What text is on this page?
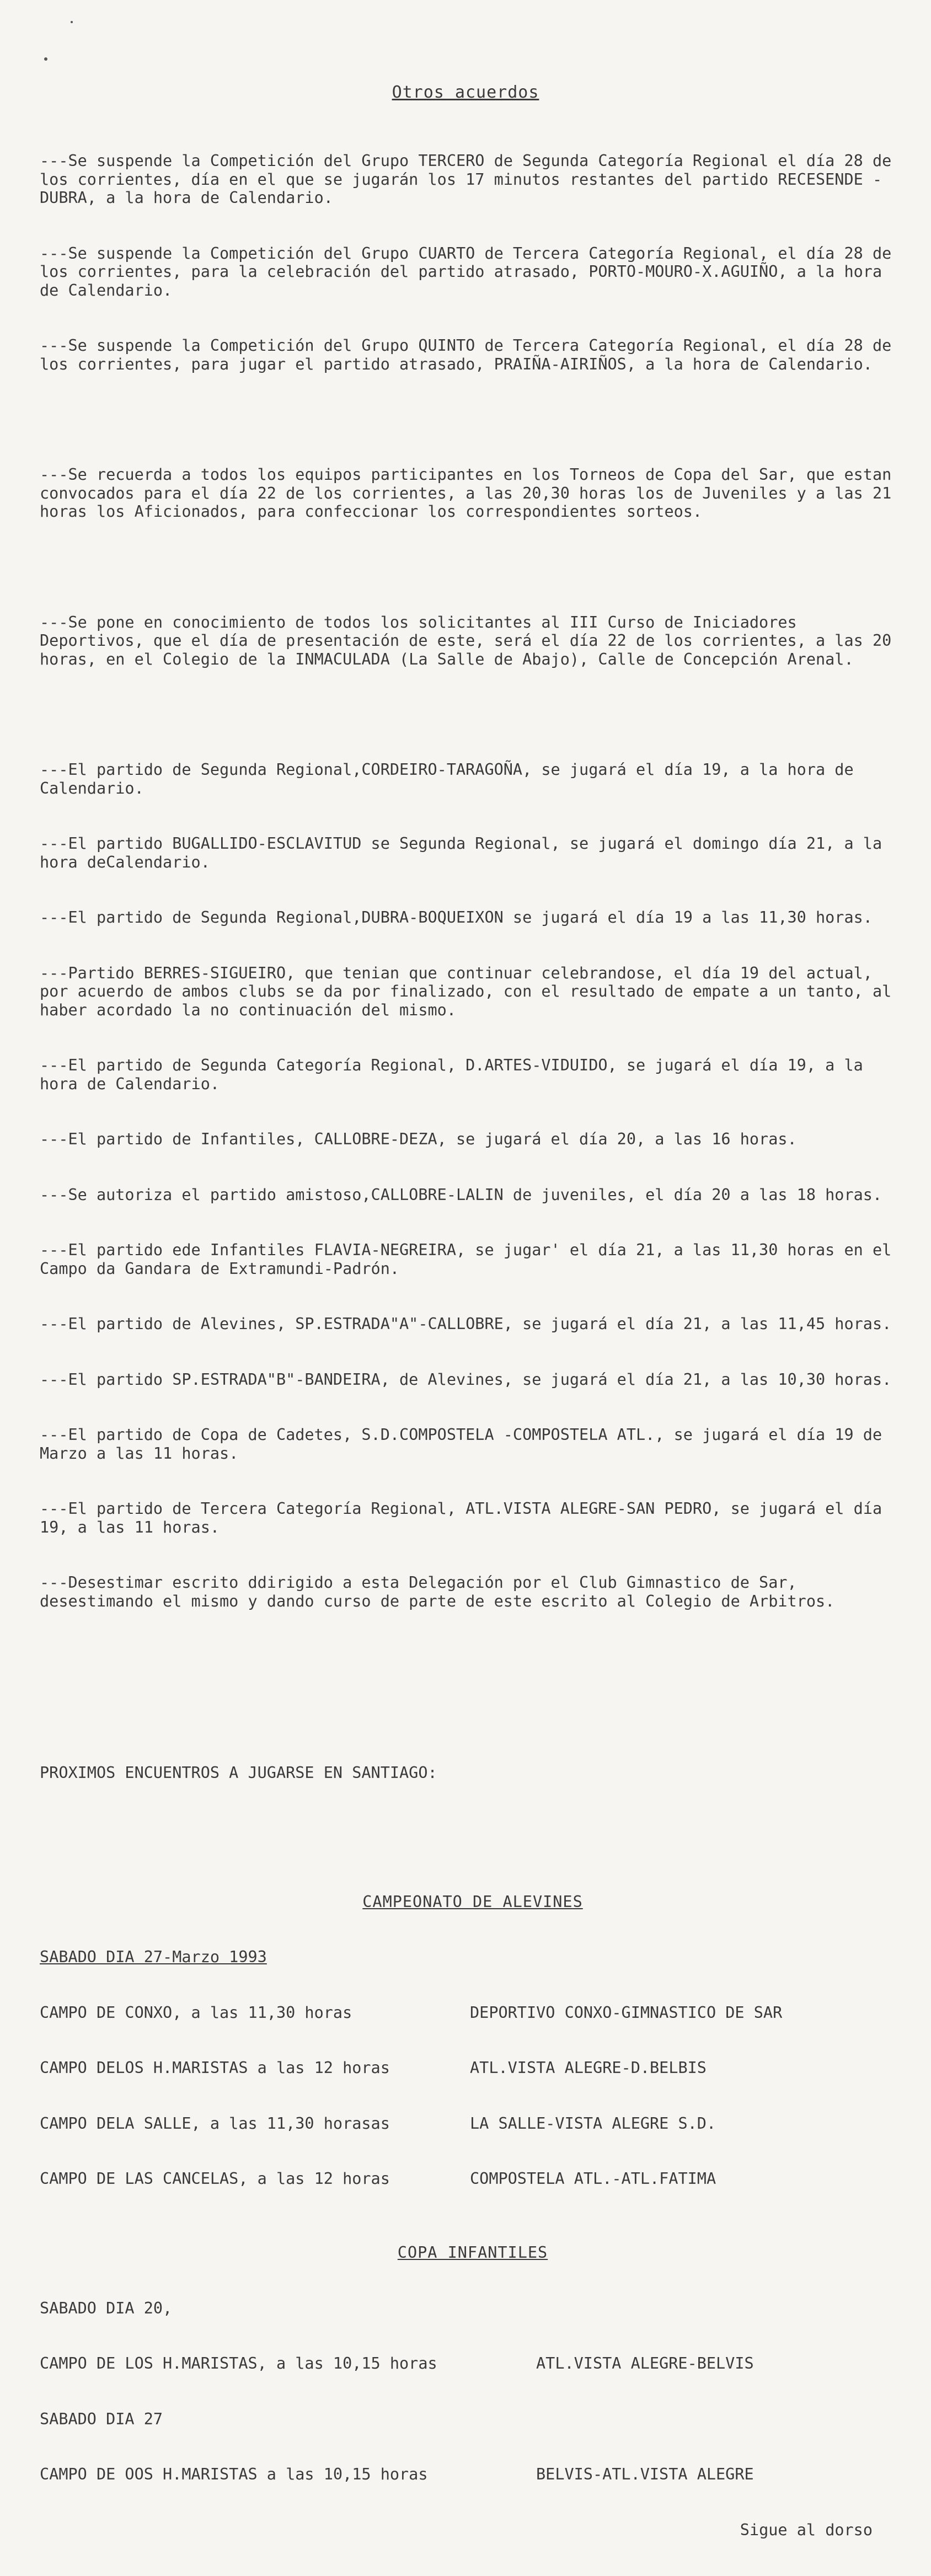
Otros acuerdos

---Se suspende la Competición del Grupo TERCERO de Segunda Categoría Regional el día 28 de los corrientes, día en el que se jugarán los 17 minutos restantes del partido RECESENDE -DUBRA, a la hora de Calendario.

---Se suspende la Competición del Grupo CUARTO de Tercera Categoría Regional, el día 28 de los corrientes, para la celebración del partido atrasado, PORTO-MOURO-X.AGUIÑO, a la hora de Calendario.

---Se suspende la Competición del Grupo QUINTO de Tercera Categoría Regional, el día 28 de los corrientes, para jugar el partido atrasado, PRAIÑA-AIRIÑOS, a la hora de Calendario.

---Se recuerda a todos los equipos participantes en los Torneos de Copa del Sar, que estan convocados para el día 22 de los corrientes, a las 20,30 horas los de Juveniles y a las 21 horas los Aficionados, para confeccionar los correspondientes sorteos.

---Se pone en conocimiento de todos los solicitantes al III Curso de Iniciadores Deportivos, que el día de presentación de este, será el día 22 de los corrientes, a las 20 horas, en el Colegio de la INMACULADA (La Salle de Abajo), Calle de Concepción Arenal.

---El partido de Segunda Regional,CORDEIRO-TARAGOÑA, se jugará el día 19, a la hora de Calendario.

---El partido BUGALLIDO-ESCLAVITUD se Segunda Regional, se jugará el domingo día 21, a la hora deCalendario.

---El partido de Segunda Regional,DUBRA-BOQUEIXON se jugará el día 19 a las 11,30 horas.

---Partido BERRES-SIGUEIRO, que tenian que continuar celebrandose, el día 19 del actual, por acuerdo de ambos clubs se da por finalizado, con el resultado de empate a un tanto, al haber acordado la no continuación del mismo.

---El partido de Segunda Categoría Regional, D.ARTES-VIDUIDO, se jugará el día 19, a la hora de Calendario.

---El partido de Infantiles, CALLOBRE-DEZA, se jugará el día 20, a las 16 horas.

---Se autoriza el partido amistoso,CALLOBRE-LALIN de juveniles, el día 20 a las 18 horas.

---El partido ede Infantiles FLAVIA-NEGREIRA, se jugar' el día 21, a las 11,30 horas en el Campo da Gandara de Extramundi-Padrón.

---El partido de Alevines, SP.ESTRADA"A"-CALLOBRE, se jugará el día 21, a las 11,45 horas.

---El partido SP.ESTRADA"B"-BANDEIRA, de Alevines, se jugará el día 21, a las 10,30 horas.

---El partido de Copa de Cadetes, S.D.COMPOSTELA -COMPOSTELA ATL., se jugará el día 19 de Marzo a las 11 horas.

---El partido de Tercera Categoría Regional, ATL.VISTA ALEGRE-SAN PEDRO, se jugará el día 19, a las 11 horas.

---Desestimar escrito ddirigido a esta Delegación por el Club Gimnastico de Sar, desestimando el mismo y dando curso de parte de este escrito al Colegio de Arbitros.

PROXIMOS ENCUENTROS A JUGARSE EN SANTIAGO:

CAMPEONATO DE ALEVINES

SABADO DIA 27-Marzo 1993

CAMPO DE CONXO, a las 11,30 horas	DEPORTIVO CONXO-GIMNASTICO DE SAR

CAMPO DELOS H.MARISTAS a las 12 horas	ATL.VISTA ALEGRE-D.BELBIS

CAMPO DELA SALLE, a las 11,30 horasas	LA SALLE-VISTA ALEGRE S.D.

CAMPO DE LAS CANCELAS, a las 12 horas	COMPOSTELA ATL.-ATL.FATIMA

COPA INFANTILES

SABADO DIA 20,

CAMPO DE LOS H.MARISTAS, a las 10,15 horas	ATL.VISTA ALEGRE-BELVIS

SABADO DIA 27

CAMPO DE OOS H.MARISTAS a las 10,15 horas	BELVIS-ATL.VISTA ALEGRE

Sigue al dorso
